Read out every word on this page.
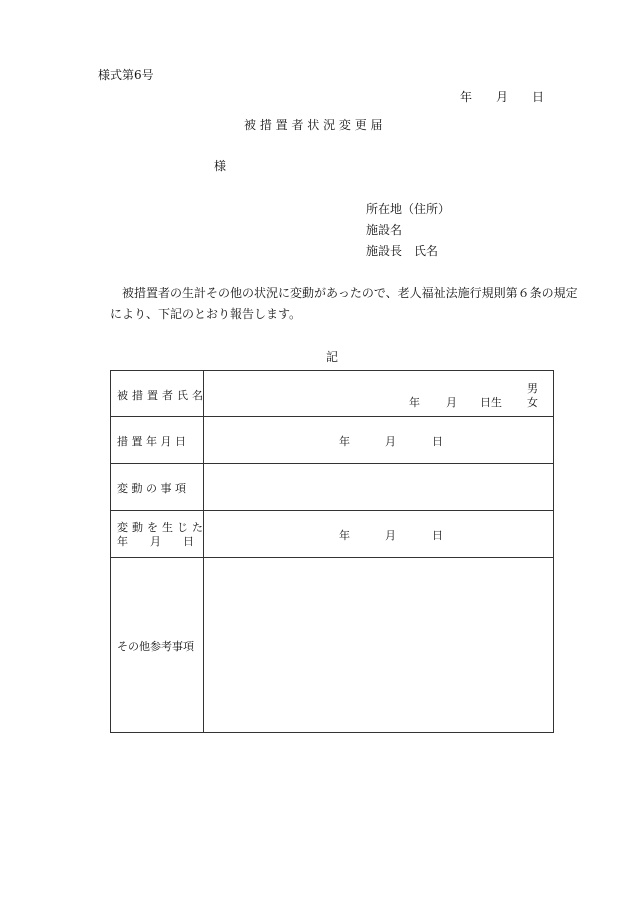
様式第6号
年 月 日
被 措 置 者 状 況 変 更 届
様
所在地（住所）
施設名
施設長　氏名
被措置者の生計その他の状況に変動があったので、老人福祉法施行規則第６条の規定
により、下記のとおり報告します。
記
被措置者氏名	年 月 日生
男
女

措 置 年 月 日	年 月 日

変 動 の 事 項	

変動を生じた
年　　月　　日	年 月 日

その他参考事項	
